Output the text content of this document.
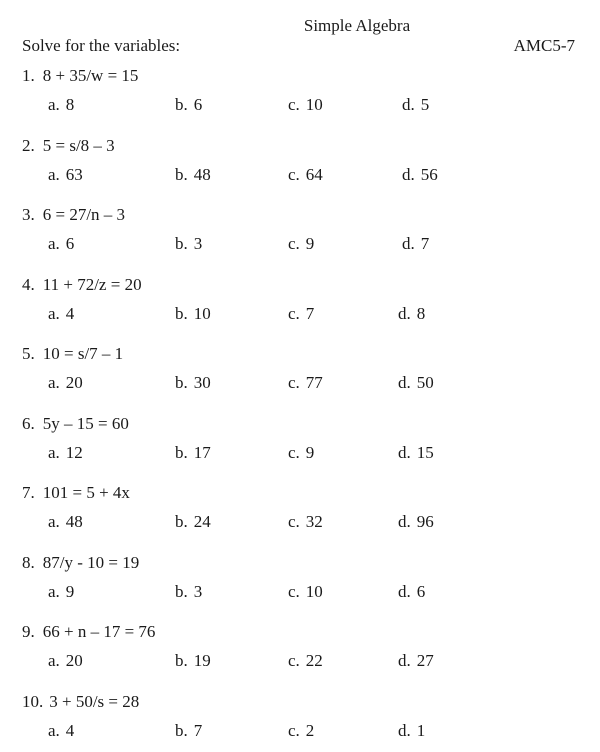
Simple Algebra
Solve for the variables:	AMC5-7
1. 8 + 35/w = 15
a. 8	b. 6	c. 10	d. 5
2. 5 = s/8 – 3
a. 63	b. 48	c. 64	d. 56
3. 6 = 27/n – 3
a. 6	b. 3	c. 9	d. 7
4. 11 + 72/z = 20
a. 4	b. 10	c. 7	d. 8
5. 10 = s/7 – 1
a. 20	b. 30	c. 77	d. 50
6. 5y – 15 = 60
a. 12	b. 17	c. 9	d. 15
7. 101 = 5 + 4x
a. 48	b. 24	c. 32	d. 96
8. 87/y - 10 = 19
a. 9	b. 3	c. 10	d. 6
9. 66 + n – 17 = 76
a. 20	b. 19	c. 22	d. 27
10. 3 + 50/s = 28
a. 4	b. 7	c. 2	d. 1
